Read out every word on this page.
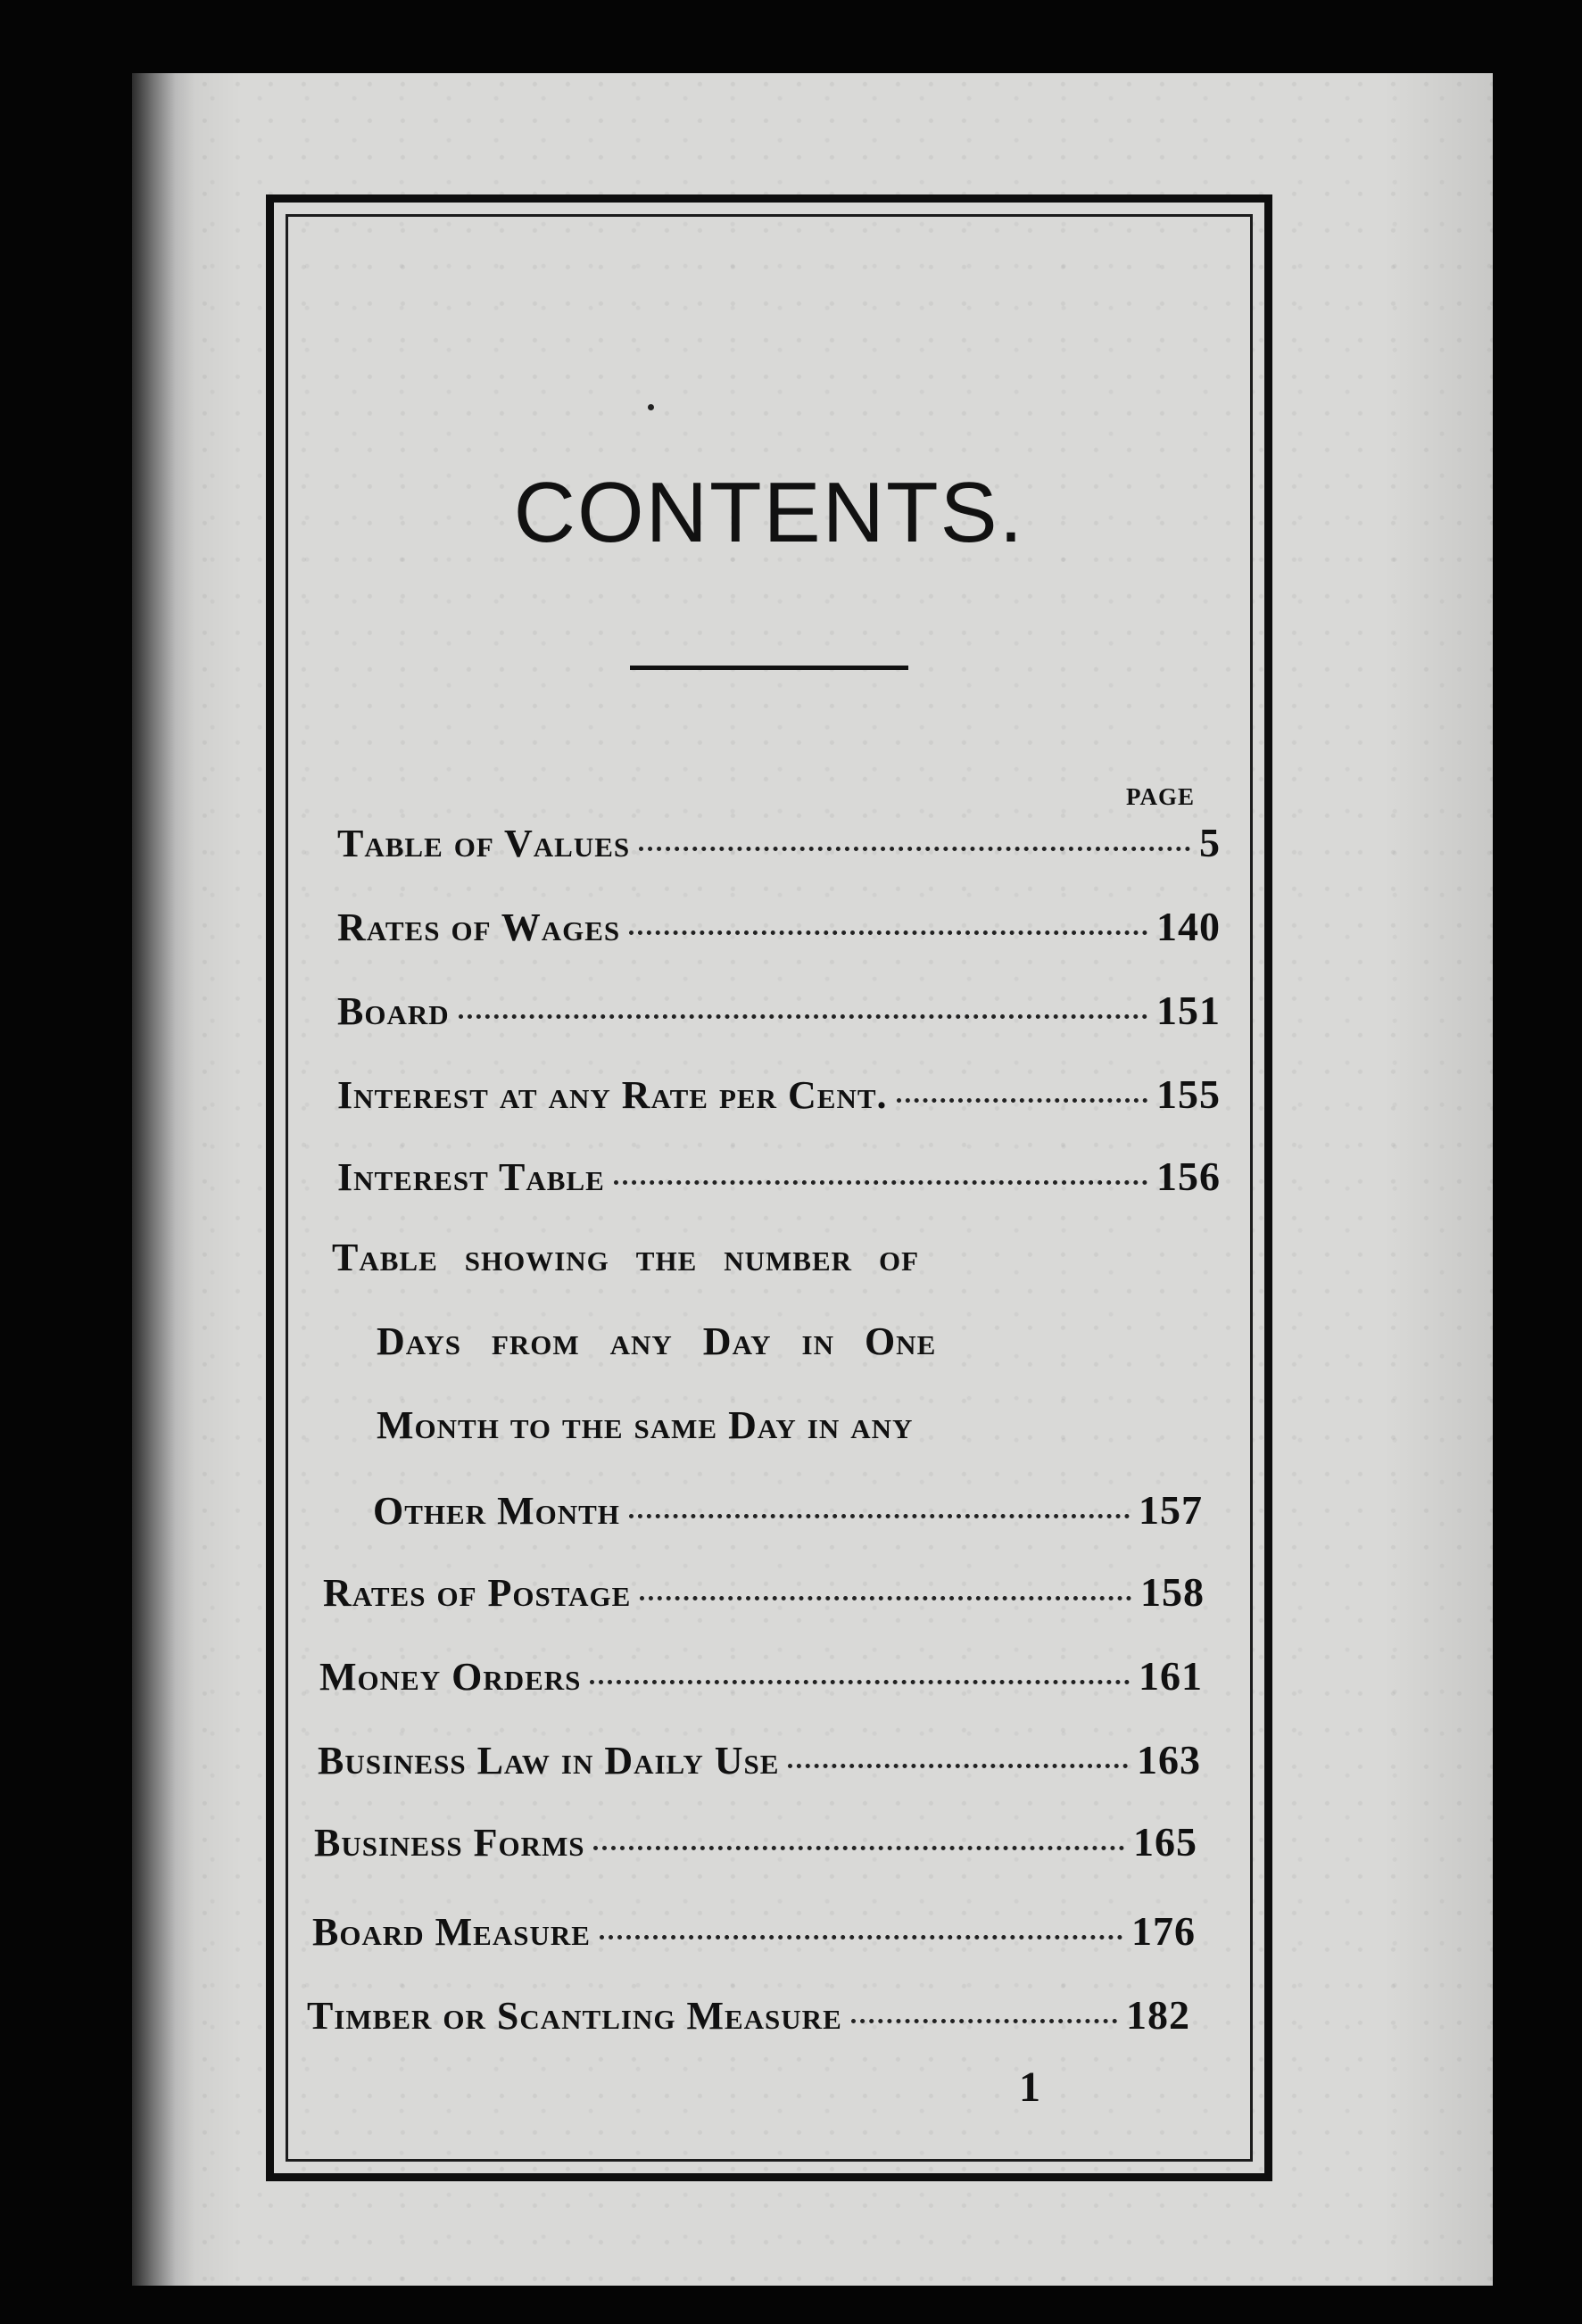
CONTENTS.
PAGE
Table of Values	5
Rates of Wages	140
Board	151
Interest at any Rate per Cent.	155
Interest Table	156
Table showing the number of
Days from any Day in One
Month to the same Day in any
Other Month	157
Rates of Postage	158
Money Orders	161
Business Law in Daily Use	163
Business Forms	165
Board Measure	176
Timber or Scantling Measure	182
1
